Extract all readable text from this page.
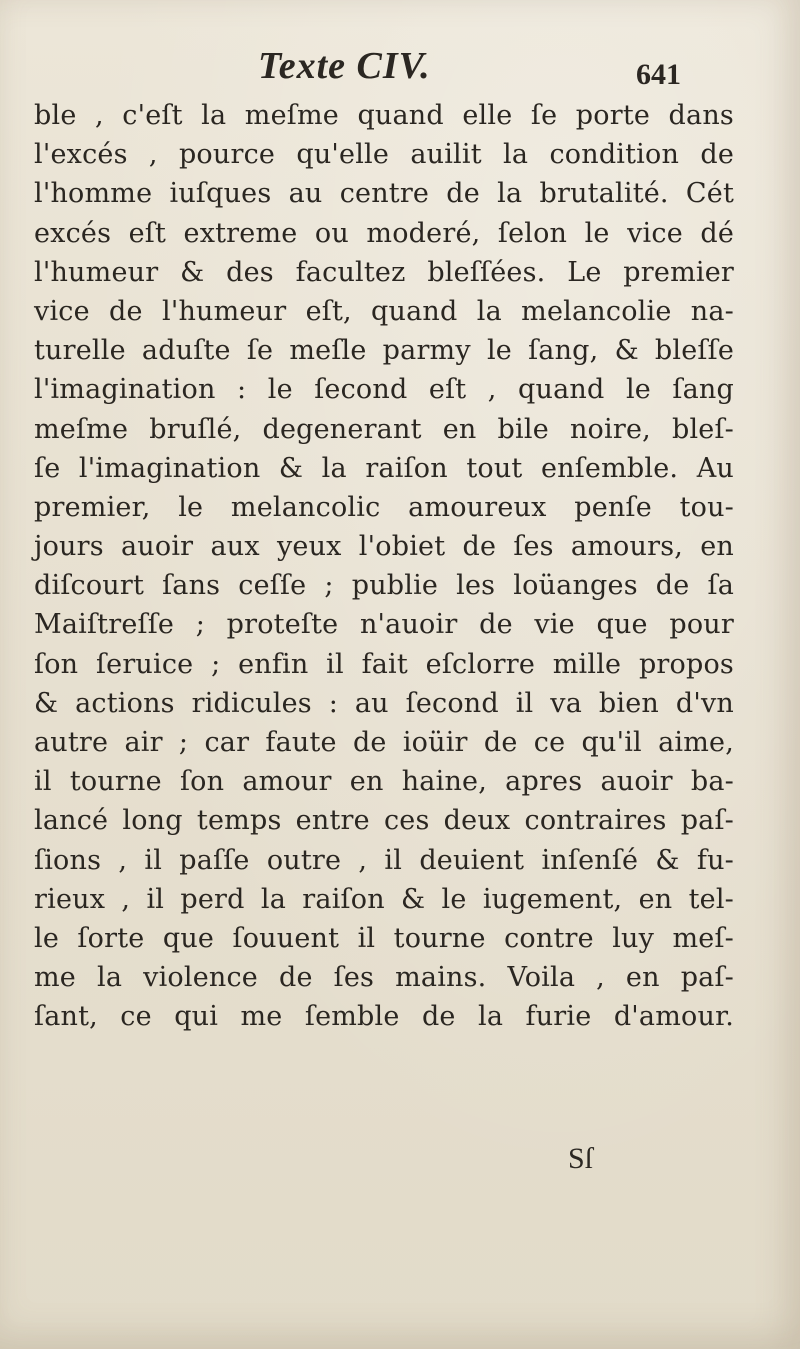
Texte CIV.	641
ble , c'eſt la meſme quand elle ſe porte dans
l'excés , pource qu'elle auilit la condition de
l'homme iuſques au centre de la brutalité. Cét
excés eſt extreme ou moderé, ſelon le vice dé
l'humeur & des facultez bleſſées. Le premier
vice de l'humeur eſt, quand la melancolie na-
turelle aduſte ſe meſle parmy le ſang, & bleſſe
l'imagination : le ſecond eſt , quand le ſang
meſme bruſlé, degenerant en bile noire, bleſ-
ſe l'imagination & la raiſon tout enſemble. Au
premier, le melancolic amoureux penſe tou-
jours auoir aux yeux l'obiet de ſes amours, en
diſcourt ſans ceſſe ; publie les loüanges de ſa
Maiſtreſſe ; proteſte n'auoir de vie que pour
ſon ſeruice ; enfin il fait eſclorre mille propos
& actions ridicules : au ſecond il va bien d'vn
autre air ; car faute de ioüir de ce qu'il aime,
il tourne ſon amour en haine, apres auoir ba-
lancé long temps entre ces deux contraires paſ-
ſions , il paſſe outre , il deuient inſenſé & fu-
rieux , il perd la raiſon & le iugement, en tel-
le ſorte que ſouuent il tourne contre luy meſ-
me la violence de ſes mains. Voila , en paſ-
ſant, ce qui me ſemble de la furie d'amour.
Sſ
